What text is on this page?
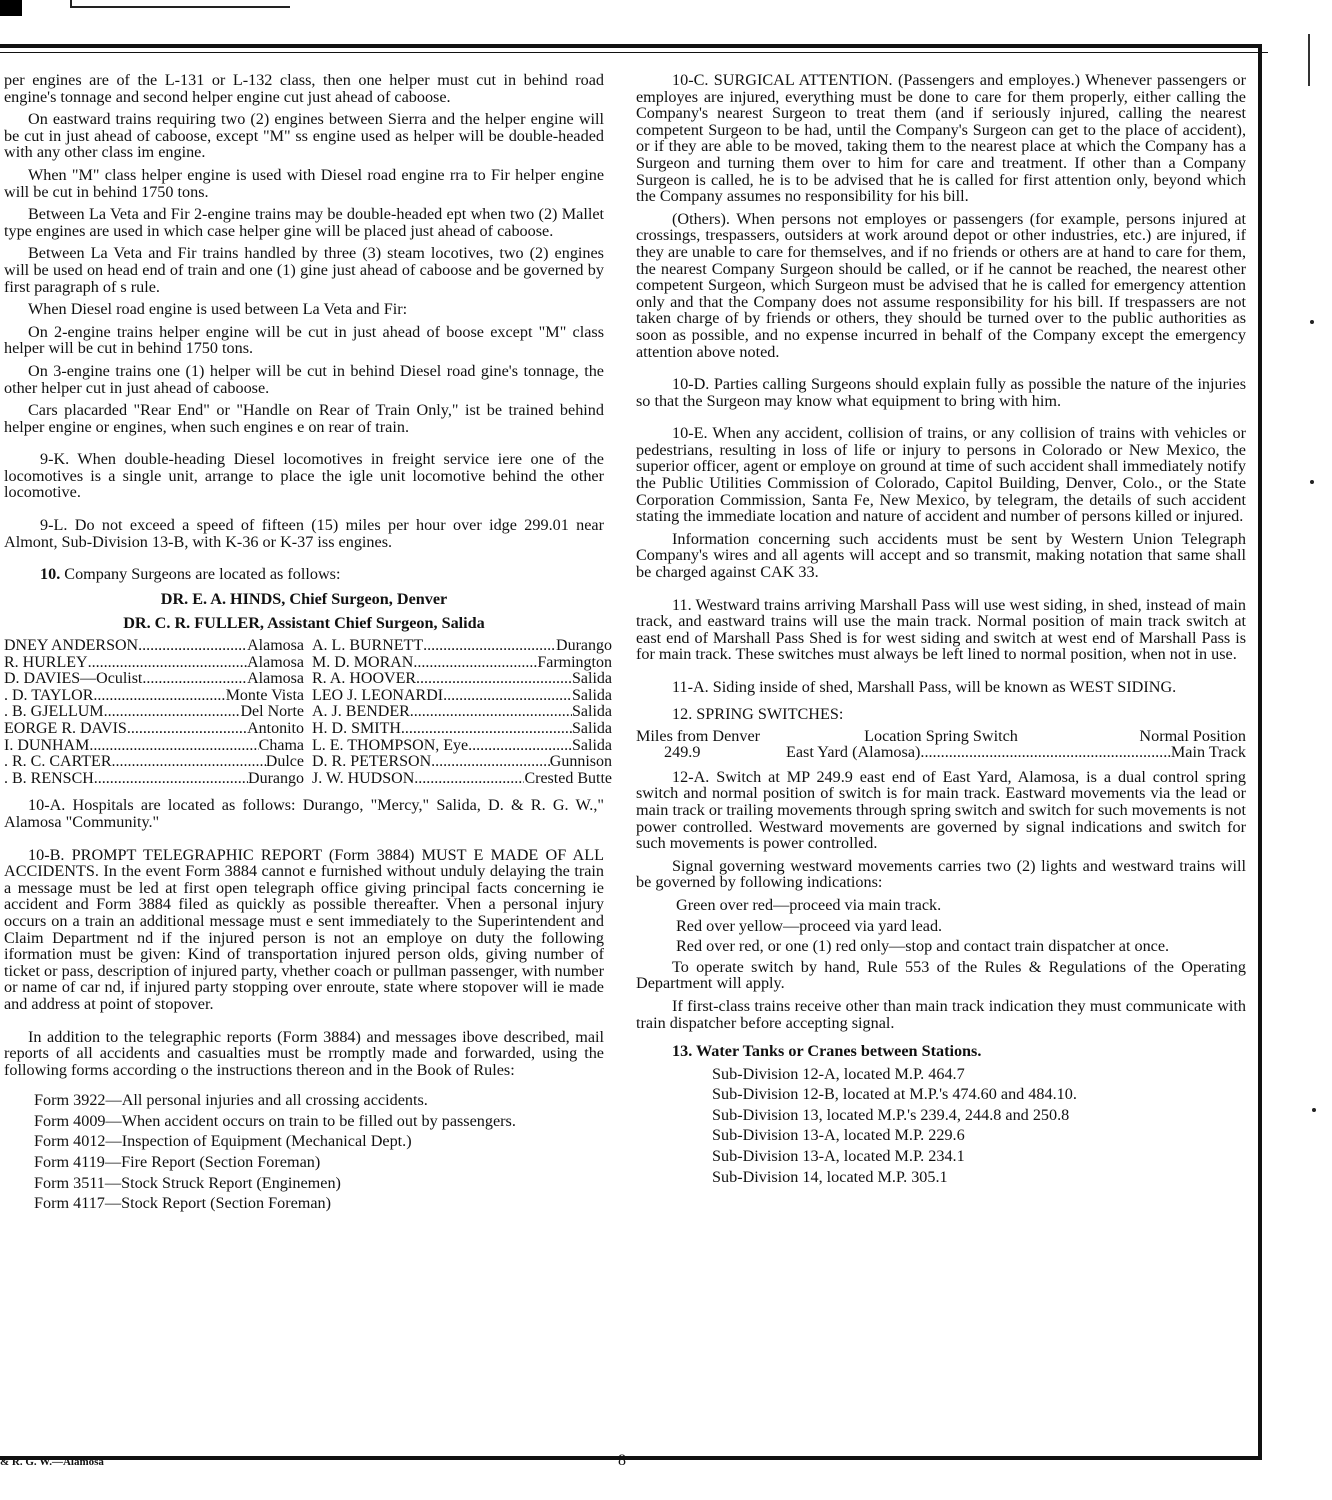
per engines are of the L-131 or L-132 class, then one helper must cut in behind road engine's tonnage and second helper engine cut just ahead of caboose.

On eastward trains requiring two (2) engines between Sierra and the helper engine will be cut in just ahead of caboose, except "M" ss engine used as helper will be double-headed with any other class im engine.

When "M" class helper engine is used with Diesel road engine rra to Fir helper engine will be cut in behind 1750 tons.

Between La Veta and Fir 2-engine trains may be double-headed ept when two (2) Mallet type engines are used in which case helper gine will be placed just ahead of caboose.

Between La Veta and Fir trains handled by three (3) steam locotives, two (2) engines will be used on head end of train and one (1) gine just ahead of caboose and be governed by first paragraph of s rule.

When Diesel road engine is used between La Veta and Fir:

On 2-engine trains helper engine will be cut in just ahead of boose except "M" class helper will be cut in behind 1750 tons.

On 3-engine trains one (1) helper will be cut in behind Diesel road gine's tonnage, the other helper cut in just ahead of caboose.

Cars placarded "Rear End" or "Handle on Rear of Train Only," ist be trained behind helper engine or engines, when such engines e on rear of train.

9-K. When double-heading Diesel locomotives in freight service iere one of the locomotives is a single unit, arrange to place the igle unit locomotive behind the other locomotive.

9-L. Do not exceed a speed of fifteen (15) miles per hour over idge 299.01 near Almont, Sub-Division 13-B, with K-36 or K-37 iss engines.

10. Company Surgeons are located as follows:

DR. E. A. HINDS, Chief Surgeon, Denver
DR. C. R. FULLER, Assistant Chief Surgeon, Salida
DNEY ANDERSON .....	Alamosa
R. HURLEY .....	Alamosa
D. DAVIES—Oculist .....	Alamosa
. D. TAYLOR .....	Monte Vista
. B. GJELLUM .....	Del Norte
EORGE R. DAVIS .....	Antonito
I. DUNHAM .....	Chama
. R. C. CARTER .....	Dulce
. B. RENSCH .....	Durango
A. L. BURNETT .....	Durango
M. D. MORAN .....	Farmington
R. A. HOOVER .....	Salida
LEO J. LEONARDI .....	Salida
A. J. BENDER .....	Salida
H. D. SMITH .....	Salida
L. E. THOMPSON, Eye .....	Salida
D. R. PETERSON .....	Gunnison
J. W. HUDSON .....	Crested Butte

10-A. Hospitals are located as follows: Durango, "Mercy," Salida, D. & R. G. W.," Alamosa "Community."

10-B. PROMPT TELEGRAPHIC REPORT (Form 3884) MUST E MADE OF ALL ACCIDENTS. In the event Form 3884 cannot e furnished without unduly delaying the train a message must be led at first open telegraph office giving principal facts concerning ie accident and Form 3884 filed as quickly as possible thereafter. Vhen a personal injury occurs on a train an additional message must e sent immediately to the Superintendent and Claim Department nd if the injured person is not an employe on duty the following iformation must be given: Kind of transportation injured person olds, giving number of ticket or pass, description of injured party, vhether coach or pullman passenger, with number or name of car nd, if injured party stopping over enroute, state where stopover will ie made and address at point of stopover.

In addition to the telegraphic reports (Form 3884) and messages ibove described, mail reports of all accidents and casualties must be rromptly made and forwarded, using the following forms according o the instructions thereon and in the Book of Rules:

Form 3922—All personal injuries and all crossing accidents.

Form 4009—When accident occurs on train to be filled out by passengers.

Form 4012—Inspection of Equipment (Mechanical Dept.)

Form 4119—Fire Report (Section Foreman)

Form 3511—Stock Struck Report (Enginemen)

Form 4117—Stock Report (Section Foreman)

10-C. SURGICAL ATTENTION. (Passengers and employes.) Whenever passengers or employes are injured, everything must be done to care for them properly, either calling the Company's nearest Surgeon to treat them (and if seriously injured, calling the nearest competent Surgeon to be had, until the Company's Surgeon can get to the place of accident), or if they are able to be moved, taking them to the nearest place at which the Company has a Surgeon and turning them over to him for care and treatment. If other than a Company Surgeon is called, he is to be advised that he is called for first attention only, beyond which the Company assumes no responsibility for his bill.

(Others). When persons not employes or passengers (for example, persons injured at crossings, trespassers, outsiders at work around depot or other industries, etc.) are injured, if they are unable to care for themselves, and if no friends or others are at hand to care for them, the nearest Company Surgeon should be called, or if he cannot be reached, the nearest other competent Surgeon, which Surgeon must be advised that he is called for emergency attention only and that the Company does not assume responsibility for his bill. If trespassers are not taken charge of by friends or others, they should be turned over to the public authorities as soon as possible, and no expense incurred in behalf of the Company except the emergency attention above noted.

10-D. Parties calling Surgeons should explain fully as possible the nature of the injuries so that the Surgeon may know what equipment to bring with him.

10-E. When any accident, collision of trains, or any collision of trains with vehicles or pedestrians, resulting in loss of life or injury to persons in Colorado or New Mexico, the superior officer, agent or employe on ground at time of such accident shall immediately notify the Public Utilities Commission of Colorado, Capitol Building, Denver, Colo., or the State Corporation Commission, Santa Fe, New Mexico, by telegram, the details of such accident stating the immediate location and nature of accident and number of persons killed or injured.

Information concerning such accidents must be sent by Western Union Telegraph Company's wires and all agents will accept and so transmit, making notation that same shall be charged against CAK 33.

11. Westward trains arriving Marshall Pass will use west siding, in shed, instead of main track, and eastward trains will use the main track. Normal position of main track switch at east end of Marshall Pass Shed is for west siding and switch at west end of Marshall Pass is for main track. These switches must always be left lined to normal position, when not in use.

11-A. Siding inside of shed, Marshall Pass, will be known as WEST SIDING.

12. SPRING SWITCHES:

Miles from Denver	Location Spring Switch	Normal Position
249.9	East Yard (Alamosa) .....	Main Track

12-A. Switch at MP 249.9 east end of East Yard, Alamosa, is a dual control spring switch and normal position of switch is for main track. Eastward movements via the lead or main track or trailing movements through spring switch and switch for such movements is not power controlled. Westward movements are governed by signal indications and switch for such movements is power controlled.

Signal governing westward movements carries two (2) lights and westward trains will be governed by following indications:

Green over red—proceed via main track.

Red over yellow—proceed via yard lead.

Red over red, or one (1) red only—stop and contact train dispatcher at once.

To operate switch by hand, Rule 553 of the Rules & Regulations of the Operating Department will apply.

If first-class trains receive other than main track indication they must communicate with train dispatcher before accepting signal.

13. Water Tanks or Cranes between Stations.

Sub-Division 12-A, located M.P. 464.7

Sub-Division 12-B, located at M.P.'s 474.60 and 484.10.

Sub-Division 13, located M.P.'s 239.4, 244.8 and 250.8

Sub-Division 13-A, located M.P. 229.6

Sub-Division 13-A, located M.P. 234.1

Sub-Division 14, located M.P. 305.1

& R. G. W.—Alamosa	8
